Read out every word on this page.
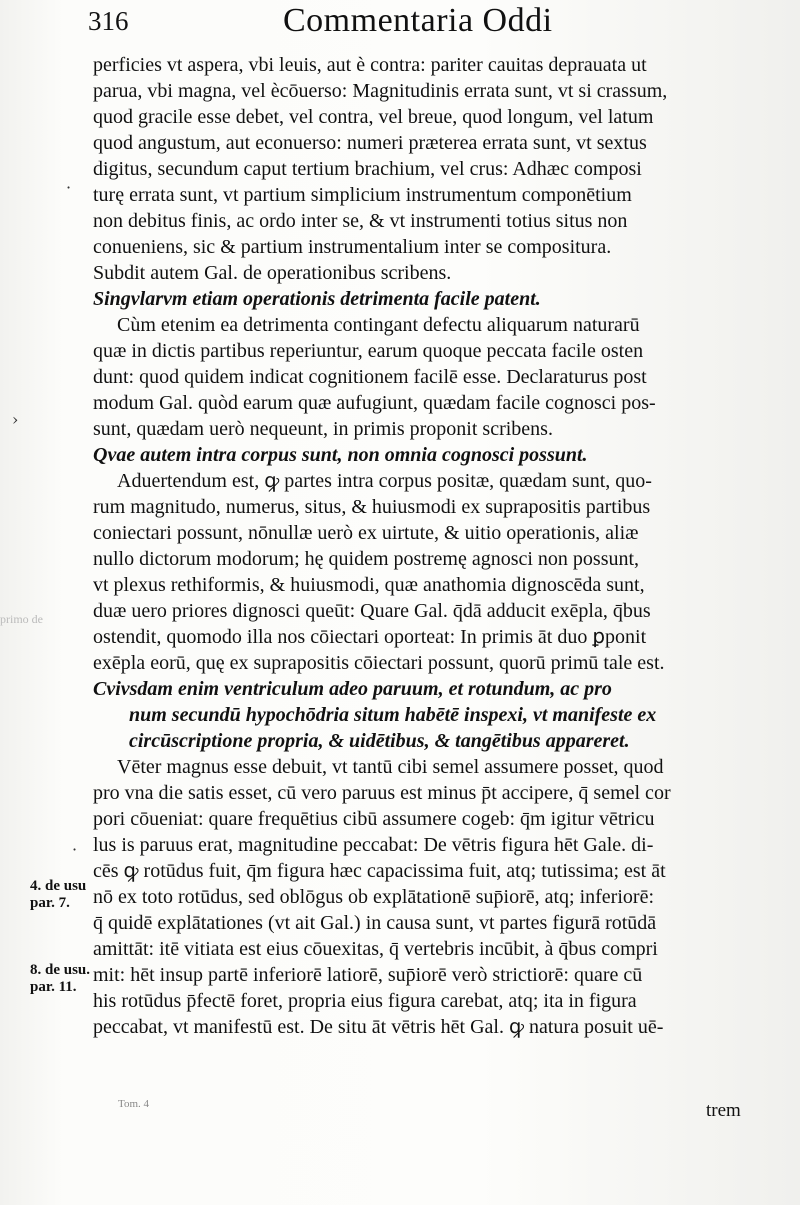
316	Commentaria Oddi
perficies vt aspera, vbi leuis, aut è contra: pariter cauitas deprauata ut
parua, vbi magna, vel ècōuerso: Magnitudinis errata sunt, vt si crassum,
quod gracile esse debet, vel contra, vel breue, quod longum, vel latum
quod angustum, aut econuerso: numeri præterea errata sunt, vt sextus
digitus, secundum caput tertium brachium, vel crus: Adhæc composi
turę errata sunt, vt partium simplicium instrumentum componētium
non debitus finis, ac ordo inter se, & vt instrumenti totius situs non
conueniens, sic & partium instrumentalium inter se compositura.
Subdit autem Gal. de operationibus scribens.
Singvlarvm etiam operationis detrimenta facile patent.
Cùm etenim ea detrimenta contingant defectu aliquarum naturarū
quæ in dictis partibus reperiuntur, earum quoque peccata facile osten
dunt: quod quidem indicat cognitionem facilē esse. Declaraturus post
modum Gal. quòd earum quæ aufugiunt, quædam facile cognosci pos-
sunt, quædam uerò nequeunt, in primis proponit scribens.
Qvae autem intra corpus sunt, non omnia cognosci possunt.
Aduertendum est, ꝙ partes intra corpus positæ, quædam sunt, quo-
rum magnitudo, numerus, situs, & huiusmodi ex suprapositis partibus
coniectari possunt, nōnullæ uerò ex uirtute, & uitio operationis, aliæ
nullo dictorum modorum; hę quidem postremę agnosci non possunt,
vt plexus rethiformis, & huiusmodi, quæ anathomia dignoscēda sunt,
duæ uero priores dignosci queūt: Quare Gal. q̄dā adducit exēpla, q̄bus
ostendit, quomodo illa nos cōiectari oporteat: In primis āt duo ꝑponit
exēpla eorū, quę ex suprapositis cōiectari possunt, quorū primū tale est.
Cvivsdam enim ventriculum adeo paruum, et rotundum, ac pro
num secundū hypochōdria situm habētē inspexi, vt manifeste ex
circūscriptione propria, & uidētibus, & tangētibus appareret.
Vēter magnus esse debuit, vt tantū cibi semel assumere posset, quod
pro vna die satis esset, cū vero paruus est minus p̄t accipere, q̄ semel cor
pori cōueniat: quare frequētius cibū assumere cogeb: q̄m igitur vētricu
lus is paruus erat, magnitudine peccabat: De vētris figura hēt Gale. di-
cēs ꝙ rotūdus fuit, q̄m figura hæc capacissima fuit, atq; tutissima; est āt
nō ex toto rotūdus, sed oblōgus ob explātationē sup̄iorē, atq; inferiorē:
q̄ quidē explātationes (vt ait Gal.) in causa sunt, vt partes figurā rotūdā
amittāt: itē vitiata est eius cōuexitas, q̄ vertebris incūbit, à q̄bus compri
mit: hēt insup partē inferiorē latiorē, sup̄iorē verò strictiorē: quare cū
his rotūdus p̄fectē foret, propria eius figura carebat, atq; ita in figura
peccabat, vt manifestū est. De situ āt vētris hēt Gal. ꝙ natura posuit uē-
4. de usu
par. 7.
8. de usu.
par. 11.
primo de
·
›
·
Tom. 4	trem
